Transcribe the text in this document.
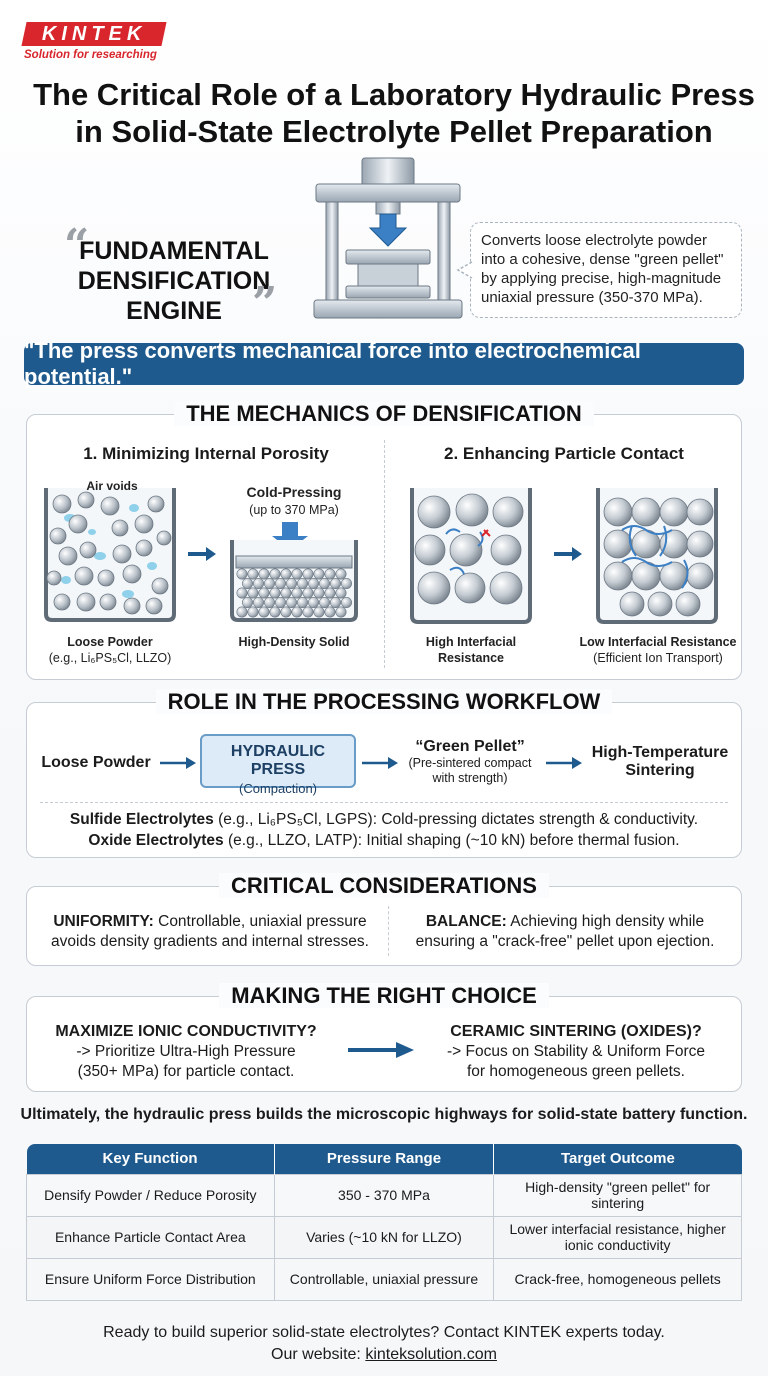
KINTEK
Solution for researching
The Critical Role of a Laboratory Hydraulic Press
in Solid-State Electrolyte Pellet Preparation
“
FUNDAMENTAL
DENSIFICATION ENGINE ”
Converts loose electrolyte powder into a cohesive, dense "green pellet" by applying precise, high-magnitude uniaxial pressure (350-370 MPa).
"The press converts mechanical force into electrochemical potential."
THE MECHANICS OF DENSIFICATION
1. Minimizing Internal Porosity	2. Enhancing Particle Contact
Air voids	Cold-Pressing
(up to 370 MPa)
Loose Powder
(e.g., Li₆PS₅Cl, LLZO)
High-Density Solid	High Interfacial
Resistance
Low Interfacial Resistance
(Efficient Ion Transport)
ROLE IN THE PROCESSING WORKFLOW
Loose Powder
HYDRAULIC PRESS
(Compaction)
“Green Pellet”
(Pre-sintered compact
with strength)
High-Temperature
Sintering
Sulfide Electrolytes (e.g., Li₆PS₅Cl, LGPS): Cold-pressing dictates strength & conductivity.
Oxide Electrolytes (e.g., LLZO, LATP): Initial shaping (~10 kN) before thermal fusion.
CRITICAL CONSIDERATIONS
UNIFORMITY: Controllable, uniaxial pressure
avoids density gradients and internal stresses.
BALANCE: Achieving high density while
ensuring a "crack-free" pellet upon ejection.
MAKING THE RIGHT CHOICE
MAXIMIZE IONIC CONDUCTIVITY?
-> Prioritize Ultra-High Pressure
(350+ MPa) for particle contact.
CERAMIC SINTERING (OXIDES)?
-> Focus on Stability & Uniform Force
for homogeneous green pellets.
Ultimately, the hydraulic press builds the microscopic highways for solid-state battery function.
Key Function	Pressure Range	Target Outcome
Densify Powder / Reduce Porosity	350 - 370 MPa	High-density "green pellet" for sintering
Enhance Particle Contact Area	Varies (~10 kN for LLZO)	Lower interfacial resistance, higher ionic conductivity
Ensure Uniform Force Distribution	Controllable, uniaxial pressure	Crack-free, homogeneous pellets
Ready to build superior solid-state electrolytes? Contact KINTEK experts today.
Our website: kinteksolution.com
